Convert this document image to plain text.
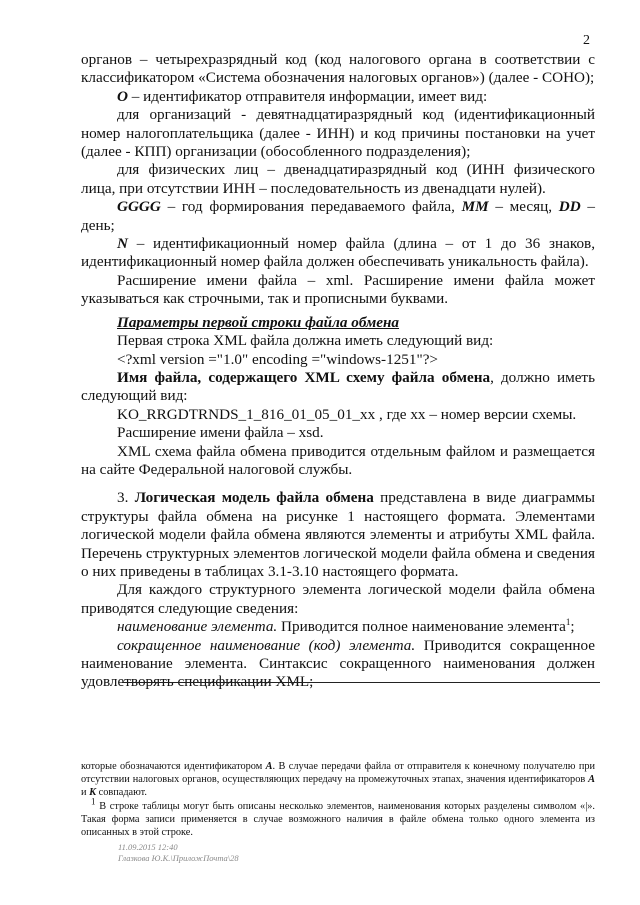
2

органов – четырехразрядный код (код налогового органа в соответствии с классификатором «Система обозначения налоговых органов») (далее - СОНО);

О – идентификатор отправителя информации, имеет вид:

для организаций - девятнадцатиразрядный код (идентификационный номер налогоплательщика (далее - ИНН) и код причины постановки на учет (далее - КПП) организации (обособленного подразделения);

для физических лиц – двенадцатиразрядный код (ИНН физического лица, при отсутствии ИНН – последовательность из двенадцати нулей).

GGGG – год формирования передаваемого файла, MM – месяц, DD – день;

N – идентификационный номер файла (длина – от 1 до 36 знаков, идентификационный номер файла должен обеспечивать уникальность файла).

Расширение имени файла – xml. Расширение имени файла может указываться как строчными, так и прописными буквами.

Параметры первой строки файла обмена

Первая строка XML файла должна иметь следующий вид:

<?xml version ="1.0" encoding ="windows-1251"?>

Имя файла, содержащего XML схему файла обмена, должно иметь следующий вид:

KO_RRGDTRNDS_1_816_01_05_01_xx , где хх – номер версии схемы.

Расширение имени файла – xsd.

XML схема файла обмена приводится отдельным файлом и размещается на сайте Федеральной налоговой службы.

3. Логическая модель файла обмена представлена в виде диаграммы структуры файла обмена на рисунке 1 настоящего формата. Элементами логической модели файла обмена являются элементы и атрибуты XML файла. Перечень структурных элементов логической модели файла обмена и сведения о них приведены в таблицах 3.1-3.10 настоящего формата.

Для каждого структурного элемента логической модели файла обмена приводятся следующие сведения:

наименование элемента. Приводится полное наименование элемента$^1$;

сокращенное наименование (код) элемента. Приводится сокращенное наименование элемента. Синтаксис сокращенного наименования должен удовлетворять спецификации XML;

которые обозначаются идентификатором А. В случае передачи файла от отправителя к конечному получателю при отсутствии налоговых органов, осуществляющих передачу на промежуточных этапах, значения идентификаторов А и К совпадают.

$^1$ В строке таблицы могут быть описаны несколько элементов, наименования которых разделены символом «|». Такая форма записи применяется в случае возможного наличия в файле обмена только одного элемента из описанных в этой строке.

11.09.2015 12:40
Глазкова Ю.К.\ПриложПочта\28
